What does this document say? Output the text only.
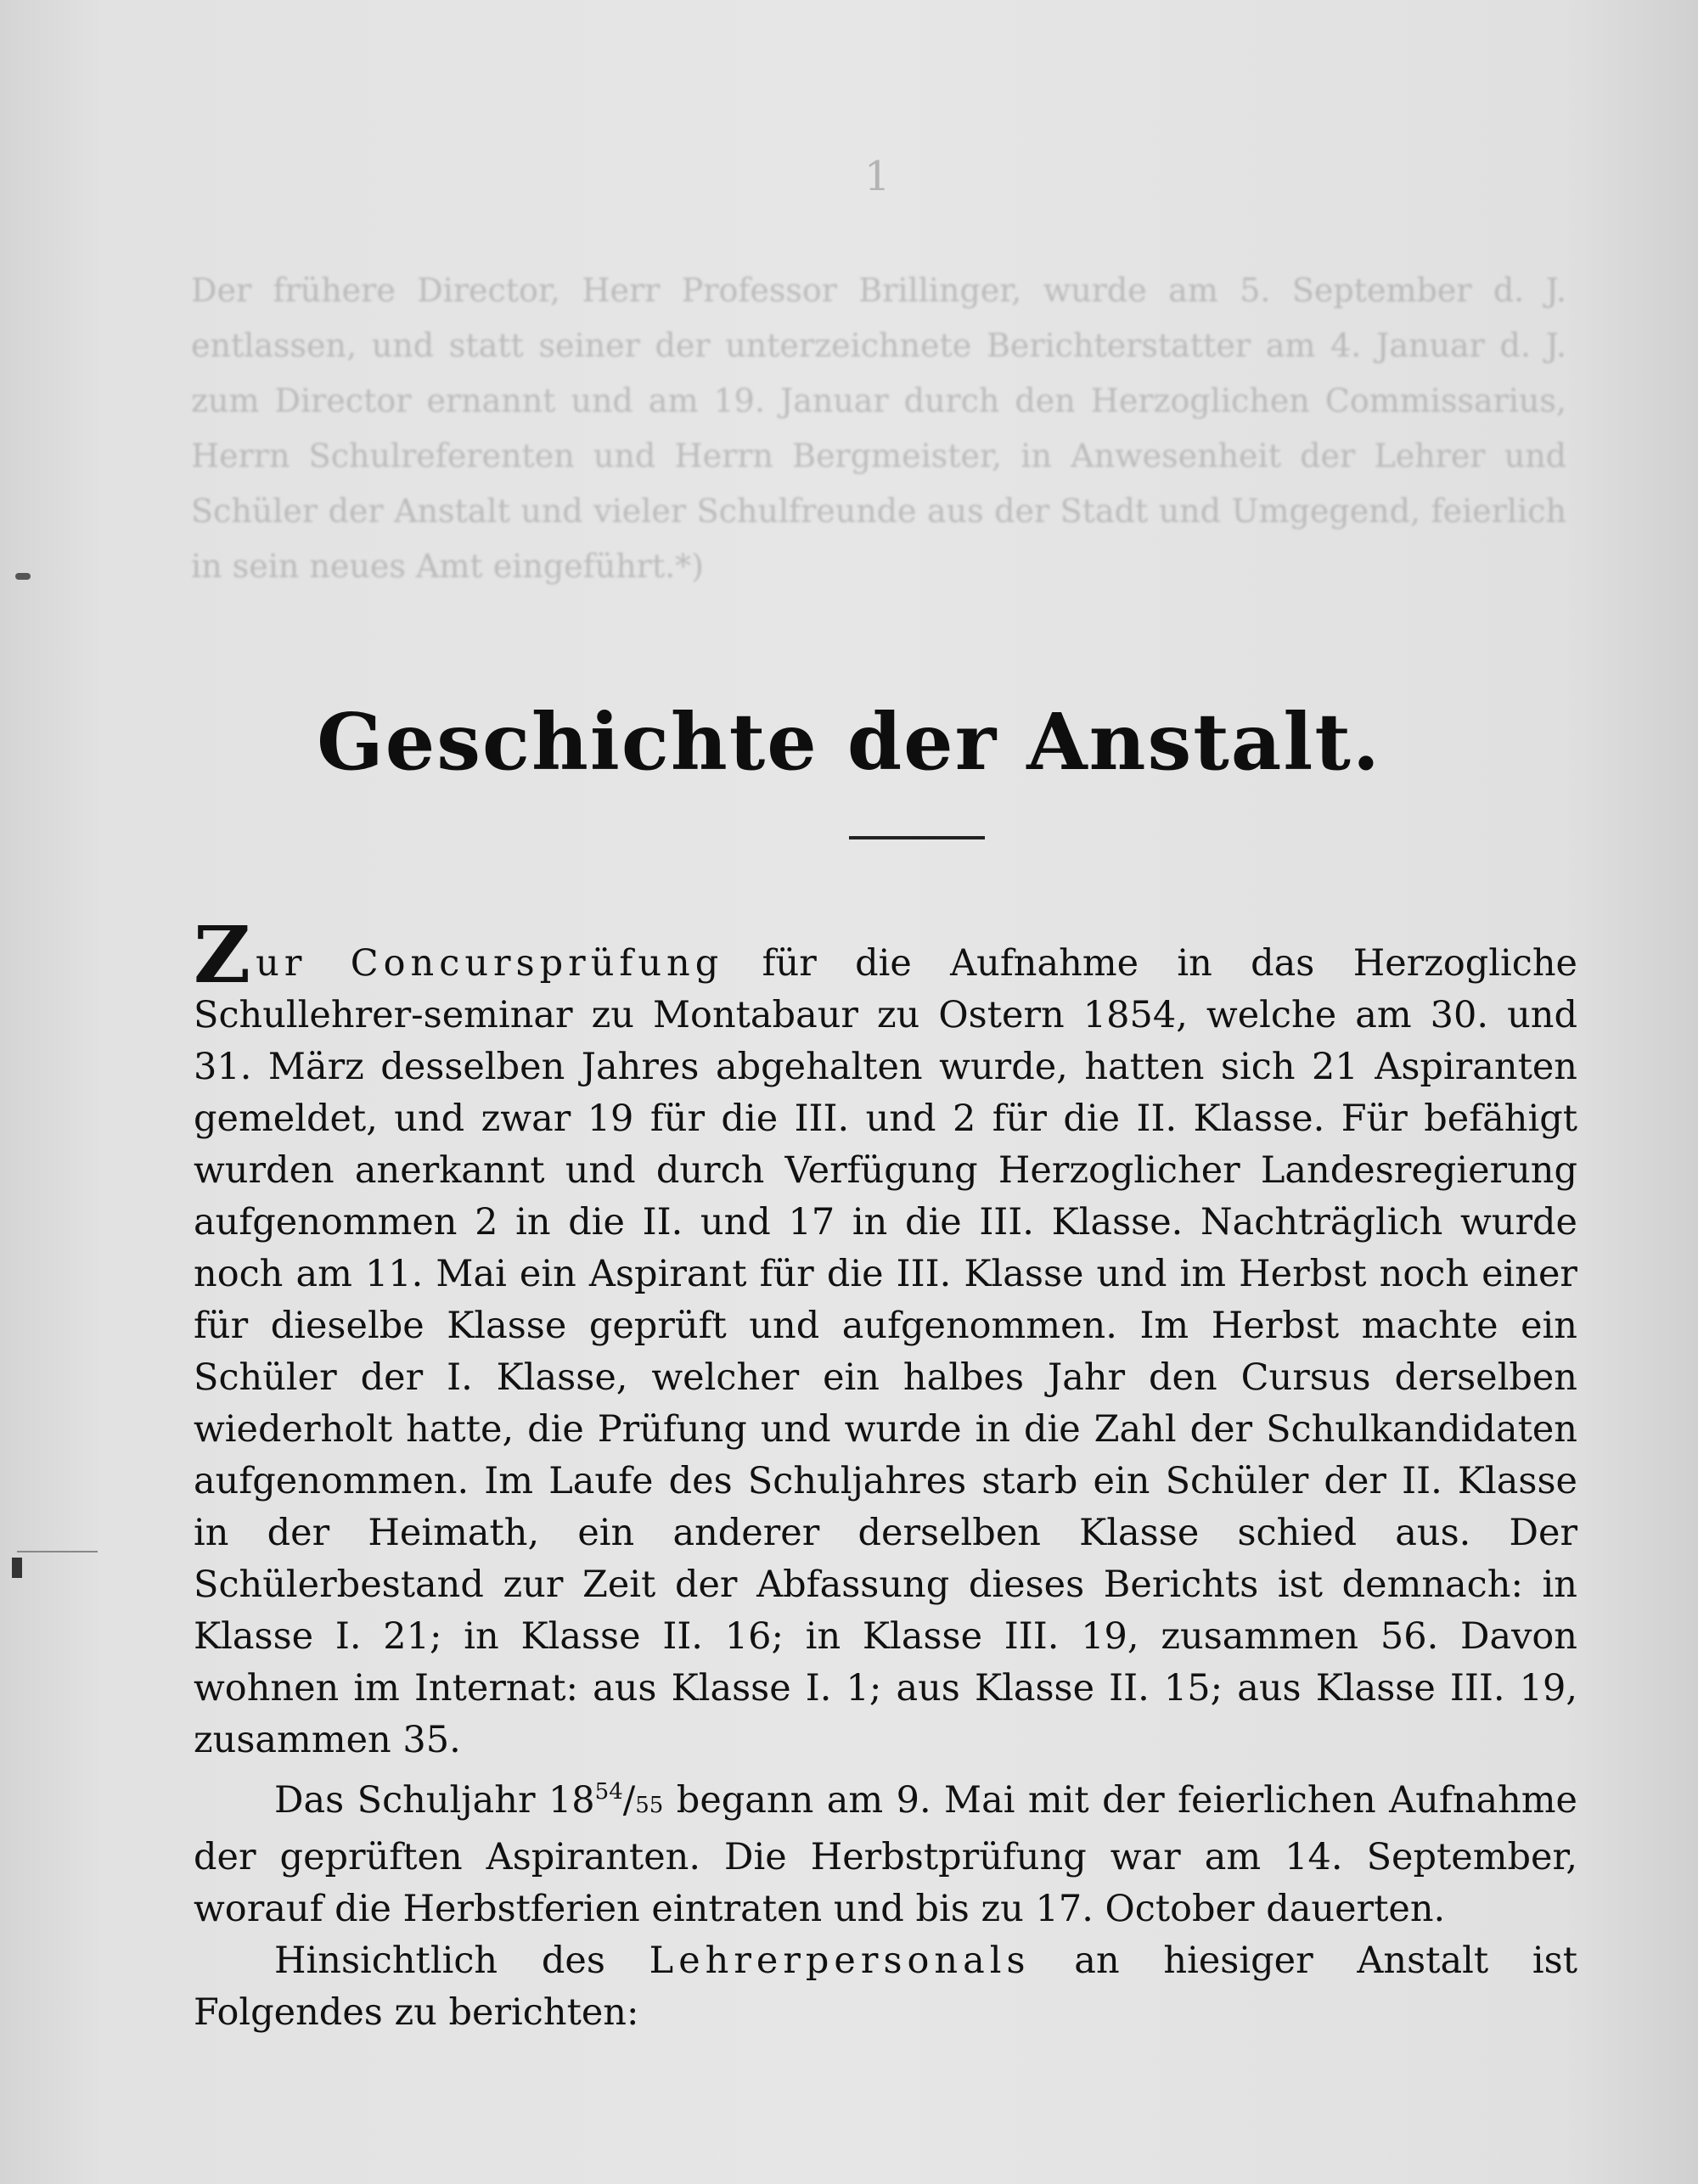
1
Der frühere Director, Herr Professor Brillinger, wurde am 5. September d. J. entlassen, und statt seiner der unterzeichnete Berichterstatter am 4. Januar d. J. zum Director ernannt und am 19. Januar durch den Herzoglichen Commissarius, Herrn Schulreferenten und Herrn Bergmeister, in Anwesenheit der Lehrer und Schüler der Anstalt und vieler Schulfreunde aus der Stadt und Umgegend, feierlich in sein neues Amt eingeführt.*)
Geschichte der Anstalt.

Zur Concursprüfung für die Aufnahme in das Herzogliche Schullehrer-seminar zu Montabaur zu Ostern 1854, welche am 30. und 31. März desselben Jahres abgehalten wurde, hatten sich 21 Aspiranten gemeldet, und zwar 19 für die III. und 2 für die II. Klasse. Für befähigt wurden anerkannt und durch Verfügung Herzoglicher Landesregierung aufgenommen 2 in die II. und 17 in die III. Klasse. Nachträglich wurde noch am 11. Mai ein Aspirant für die III. Klasse und im Herbst noch einer für dieselbe Klasse geprüft und aufgenommen. Im Herbst machte ein Schüler der I. Klasse, welcher ein halbes Jahr den Cursus derselben wiederholt hatte, die Prüfung und wurde in die Zahl der Schulkandidaten aufgenommen. Im Laufe des Schuljahres starb ein Schüler der II. Klasse in der Heimath, ein anderer derselben Klasse schied aus. Der Schülerbestand zur Zeit der Abfassung dieses Berichts ist demnach: in Klasse I. 21; in Klasse II. 16; in Klasse III. 19, zusammen 56. Davon wohnen im Internat: aus Klasse I. 1; aus Klasse II. 15; aus Klasse III. 19, zusammen 35.

Das Schuljahr $18^{54}/55$ begann am 9. Mai mit der feierlichen Aufnahme der geprüften Aspiranten. Die Herbstprüfung war am 14. September, worauf die Herbstferien eintraten und bis zu 17. October dauerten.

Hinsichtlich des Lehrerpersonals an hiesiger Anstalt ist Folgendes zu berichten:
